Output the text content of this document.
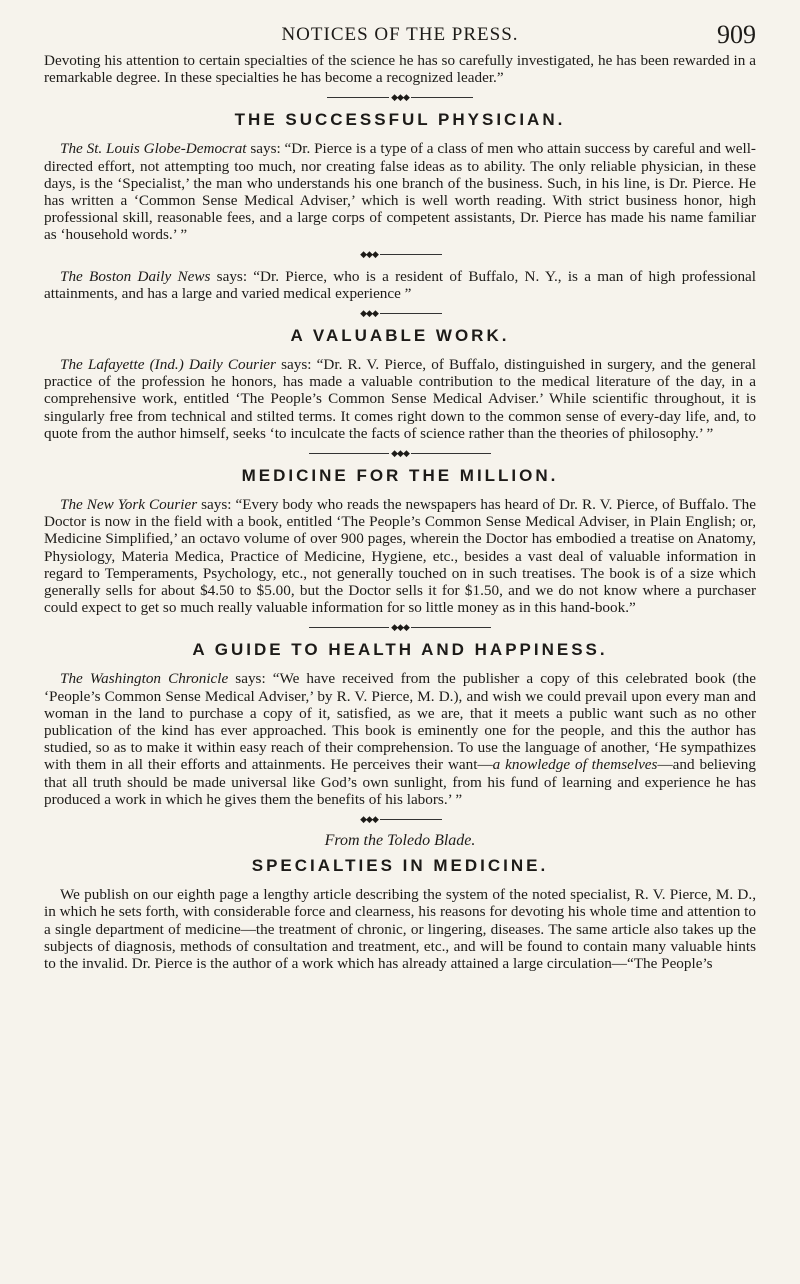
NOTICES OF THE PRESS.	909

Devoting his attention to certain specialties of the science he has so carefully investigated, he has been rewarded in a remarkable degree. In these specialties he has become a recognized leader.”

◆◆◆
THE SUCCESSFUL PHYSICIAN.

The St. Louis Globe-Democrat says: “Dr. Pierce is a type of a class of men who attain success by careful and well-directed effort, not attempting too much, nor creating false ideas as to ability. The only reliable physician, in these days, is the ‘Specialist,’ the man who understands his one branch of the business. Such, in his line, is Dr. Pierce. He has written a ‘Common Sense Medical Adviser,’ which is well worth reading. With strict business honor, high professional skill, reasonable fees, and a large corps of competent assistants, Dr. Pierce has made his name familiar as ‘household words.’ ”

◆◆◆

The Boston Daily News says: “Dr. Pierce, who is a resident of Buffalo, N. Y., is a man of high professional attainments, and has a large and varied medical experience ”

◆◆◆
A VALUABLE WORK.

The Lafayette (Ind.) Daily Courier says: “Dr. R. V. Pierce, of Buffalo, distinguished in surgery, and the general practice of the profession he honors, has made a valuable contribution to the medical literature of the day, in a comprehensive work, entitled ‘The People’s Common Sense Medical Adviser.’ While scientific throughout, it is singularly free from technical and stilted terms. It comes right down to the common sense of every-day life, and, to quote from the author himself, seeks ‘to inculcate the facts of science rather than the theories of philosophy.’ ”

◆◆◆
MEDICINE FOR THE MILLION.

The New York Courier says: “Every body who reads the newspapers has heard of Dr. R. V. Pierce, of Buffalo. The Doctor is now in the field with a book, entitled ‘The People’s Common Sense Medical Adviser, in Plain English; or, Medicine Simplified,’ an octavo volume of over 900 pages, wherein the Doctor has embodied a treatise on Anatomy, Physiology, Materia Medica, Practice of Medicine, Hygiene, etc., besides a vast deal of valuable information in regard to Temperaments, Psychology, etc., not generally touched on in such treatises. The book is of a size which generally sells for about $4.50 to $5.00, but the Doctor sells it for $1.50, and we do not know where a purchaser could expect to get so much really valuable information for so little money as in this hand-book.”

◆◆◆
A GUIDE TO HEALTH AND HAPPINESS.

The Washington Chronicle says: “We have received from the publisher a copy of this celebrated book (the ‘People’s Common Sense Medical Adviser,’ by R. V. Pierce, M. D.), and wish we could prevail upon every man and woman in the land to purchase a copy of it, satisfied, as we are, that it meets a public want such as no other publication of the kind has ever approached. This book is eminently one for the people, and this the author has studied, so as to make it within easy reach of their comprehension. To use the language of another, ‘He sympathizes with them in all their efforts and attainments. He perceives their want—a knowledge of themselves—and believing that all truth should be made universal like God’s own sunlight, from his fund of learning and experience he has produced a work in which he gives them the benefits of his labors.’ ”

◆◆◆
From the Toledo Blade.
SPECIALTIES IN MEDICINE.

We publish on our eighth page a lengthy article describing the system of the noted specialist, R. V. Pierce, M. D., in which he sets forth, with considerable force and clearness, his reasons for devoting his whole time and attention to a single department of medicine—the treatment of chronic, or lingering, diseases. The same article also takes up the subjects of diagnosis, methods of consultation and treatment, etc., and will be found to contain many valuable hints to the invalid. Dr. Pierce is the author of a work which has already attained a large circulation—“The People’s
